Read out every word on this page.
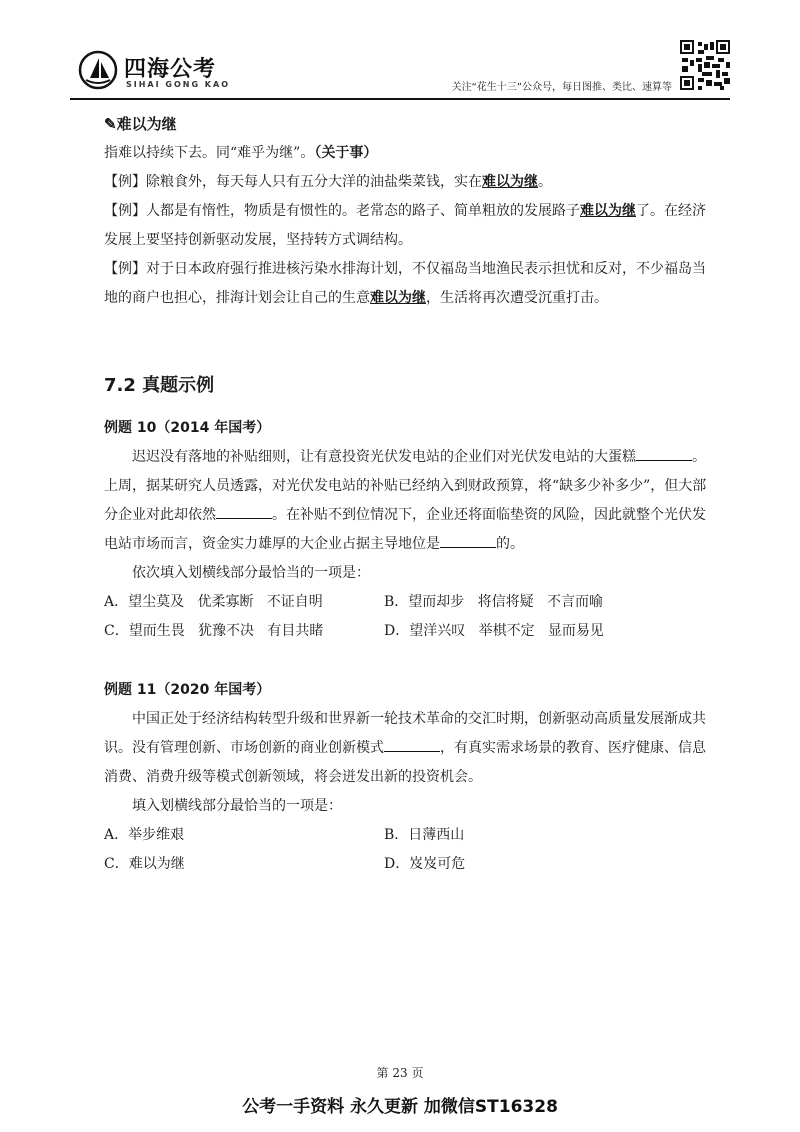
四海公考
SIHAI GONG KAO	关注“花生十三”公众号，每日图推、类比、速算等
✎难以为继

指难以持续下去。同“难乎为继”。（关于事）

【例】除粮食外，每天每人只有五分大洋的油盐柴菜钱，实在难以为继。

【例】人都是有惰性，物质是有惯性的。老常态的路子、简单粗放的发展路子难以为继了。在经济发展上要坚持创新驱动发展，坚持转方式调结构。

【例】对于日本政府强行推进核污染水排海计划，不仅福岛当地渔民表示担忧和反对，不少福岛当地的商户也担心，排海计划会让自己的生意难以为继，生活将再次遭受沉重打击。

7.2 真题示例
例题 10（2014 年国考）

迟迟没有落地的补贴细则，让有意投资光伏发电站的企业们对光伏发电站的大蛋糕	。上周，据某研究人员透露，对光伏发电站的补贴已经纳入到财政预算，将“缺多少补多少”，但大部分企业对此却依然	。在补贴不到位情况下，企业还将面临垫资的风险，因此就整个光伏发电站市场而言，资金实力雄厚的大企业占据主导地位是	的。

依次填入划横线部分最恰当的一项是：

A．望尘莫及   优柔寡断   不证自明	B．望而却步   将信将疑   不言而喻
C．望而生畏   犹豫不决   有目共睹	D．望洋兴叹   举棋不定   显而易见
例题 11（2020 年国考）

中国正处于经济结构转型升级和世界新一轮技术革命的交汇时期，创新驱动高质量发展渐成共识。没有管理创新、市场创新的商业创新模式	，有真实需求场景的教育、医疗健康、信息消费、消费升级等模式创新领域，将会迸发出新的投资机会。

填入划横线部分最恰当的一项是：

A．举步维艰	B．日薄西山
C．难以为继	D．岌岌可危
第 23 页
公考一手资料 永久更新 加微信ST16328
